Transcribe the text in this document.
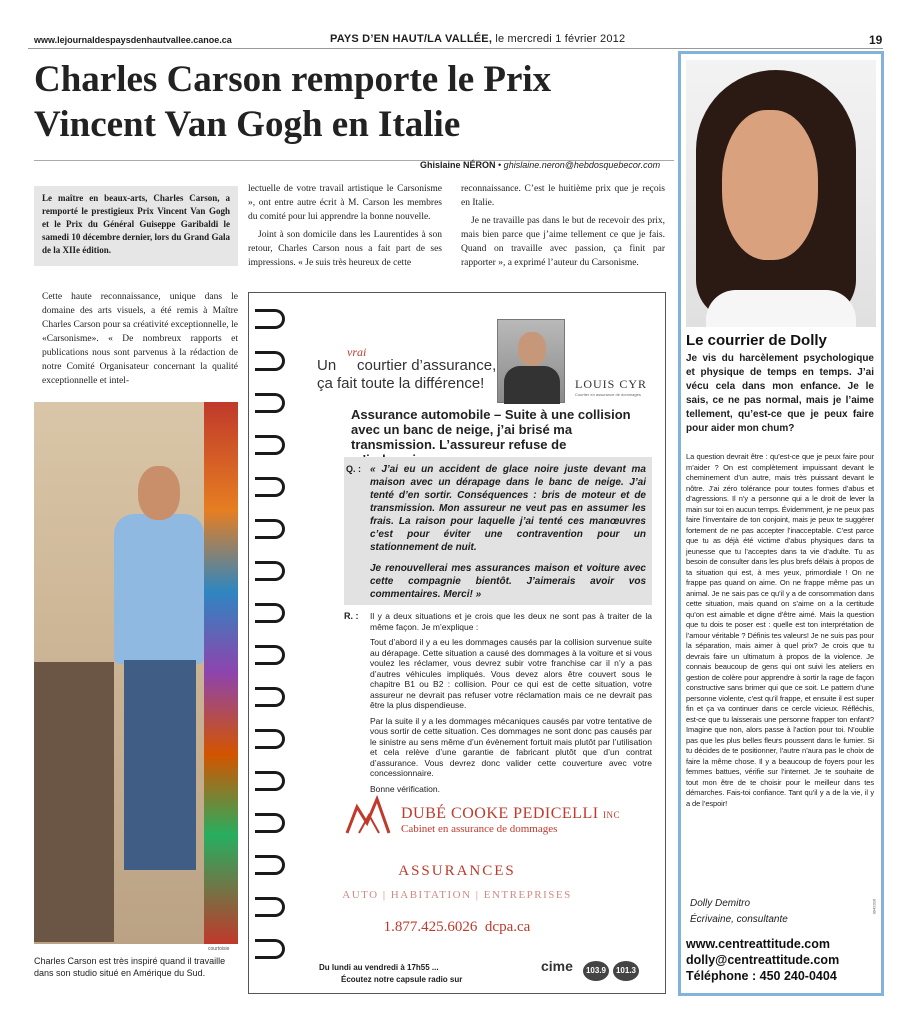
www.lejournaldespaysdenhautvallee.canoe.ca	PAYS D’EN HAUT/LA VALLÉE, le mercredi 1 février 2012	19
Charles Carson remporte le Prix Vincent Van Gogh en Italie
Ghislaine NÉRON • ghislaine.neron@hebdosquebecor.com
Le maître en beaux-arts, Charles Carson, a remporté le prestigieux Prix Vincent Van Gogh et le Prix du Général Guiseppe Garibaldi le samedi 10 décembre dernier, lors du Grand Gala de la XIIe édition.

Cette haute reconnaissance, unique dans le domaine des arts visuels, a été remis à Maître Charles Carson pour sa créativité exceptionnelle, le «Carsonisme». « De nombreux rapports et publications nous sont parvenus à la rédaction de notre Comité Organisateur concernant la qualité exceptionnelle et intel-

lectuelle de votre travail artistique le Carsonisme », ont entre autre écrit à M. Carson les membres du comité pour lui apprendre la bonne nouvelle.

Joint à son domicile dans les Laurentides à son retour, Charles Carson nous a fait part de ses impressions. « Je suis très heureux de cette

reconnaissance. C’est le huitième prix que je reçois en Italie.

Je ne travaille pas dans le but de recevoir des prix, mais bien parce que j’aime tellement ce que je fais. Quand on travaille avec passion, ça finit par rapporter », a exprimé l’auteur du Carsonisme.

courtoisie
Charles Carson est très inspiré quand il travaille dans son studio situé en Amérique du Sud.
vrai
Un     courtier d’assurance,
ça fait toute la différence!	LOUIS CYR
Courtier en assurance de dommages
Assurance automobile – Suite à une collision avec un banc de neige, j’ai brisé ma transmission. L’assureur refuse de
Q. : « J’ai eu un accident de glace noire juste devant ma maison avec un dérapage dans le banc de neige. J’ai tenté d’en sortir. Conséquences : bris de moteur et de transmission. Mon assureur ne veut pas en assumer les frais. La raison pour laquelle j’ai tenté ces manœuvres c’est pour éviter une contravention pour un stationnement de nuit.

Je renouvellerai mes assurances maison et voiture avec cette compagnie bientôt. J’aimerais avoir vos commentaires. Merci! »

R. : Il y a deux situations et je crois que les deux ne sont pas à traiter de la même façon. Je m’explique :

Tout d’abord il y a eu les dommages causés par la collision survenue suite au dérapage. Cette situation a causé des dommages à la voiture et si vous voulez les réclamer, vous devrez subir votre franchise car il n’y a pas d’autres véhicules impliqués. Vous devez alors être couvert sous le chapitre B1 ou B2 : collision. Pour ce qui est de cette situation, votre assureur ne devrait pas refuser votre réclamation mais ce ne devrait pas être la plus dispendieuse.

Par la suite il y a les dommages mécaniques causés par votre tentative de vous sortir de cette situation. Ces dommages ne sont donc pas causés par le sinistre au sens même d’un évènement fortuit mais plutôt par l’utilisation et cela relève d’une garantie de fabricant plutôt que d’un contrat d’assurance. Vous devrez donc valider cette couverture avec votre concessionnaire.

Bonne vérification.

DUBÉ COOKE PEDICELLI INC
Cabinet en assurance de dommages
ASSURANCES
AUTO | HABITATION | ENTREPRISES
1.877.425.6026  dcpa.ca
Du lundi au vendredi à 17h55 ...
Écoutez notre capsule radio sur
cime	103.9	101.3
Le courrier de Dolly
Je vis du harcèlement psychologique et physique de temps en temps. J’ai vécu cela dans mon enfance. Je le sais, ce ne pas normal, mais je l’aime tellement, qu’est-ce que je peux faire pour aider mon chum?
La question devrait être : qu’est-ce que je peux faire pour m’aider ? On est complètement impuissant devant le cheminement d’un autre, mais très puissant devant le nôtre. J’ai zéro tolérance pour toutes formes d’abus et d’agressions. Il n’y a personne qui a le droit de lever la main sur toi en aucun temps. Évidemment, je ne peux pas faire l’inventaire de ton conjoint, mais je peux te suggérer fortement de ne pas accepter l’inacceptable. C’est parce que tu as déjà été victime d’abus physiques dans ta jeunesse que tu l’acceptes dans ta vie d’adulte. Tu as besoin de consulter dans les plus brefs délais à propos de ta situation qui est, à mes yeux, primordiale ! On ne frappe pas quand on aime. On ne frappe même pas un animal. Je ne sais pas ce qu’il y a de consommation dans cette situation, mais quand on s’aime on a la certitude qu’on est aimable et digne d’être aimé. Mais la question que tu dois te poser est : quelle est ton interprétation de l’amour véritable ? Définis tes valeurs! Je ne suis pas pour la séparation, mais aimer à quel prix? Je crois que tu devrais faire un ultimatum à propos de la violence. Je connais beaucoup de gens qui ont suivi les ateliers en gestion de colère pour apprendre à sortir la rage de façon constructive sans brimer qui que ce soit. Le pattern d’une personne violente, c’est qu’il frappe, et ensuite il est super fin et ça va continuer dans ce cercle vicieux. Réfléchis, est-ce que tu laisserais une personne frapper ton enfant? Imagine que non, alors passe à l’action pour toi. N’oublie pas que les plus belles fleurs poussent dans le fumier. Si tu décides de te positionner, l’autre n’aura pas le choix de faire la même chose. Il y a beaucoup de foyers pour les femmes battues, vérifie sur l’internet. Je te souhaite de tout mon être de te choisir pour le meilleur dans tes démarches. Fais-toi confiance. Tant qu’il y a de la vie, il y a de l’espoir!
Dolly Demitro
Écrivaine, consultante
0942316
www.centreattitude.com
dolly@centreattitude.com
Téléphone : 450 240-0404
